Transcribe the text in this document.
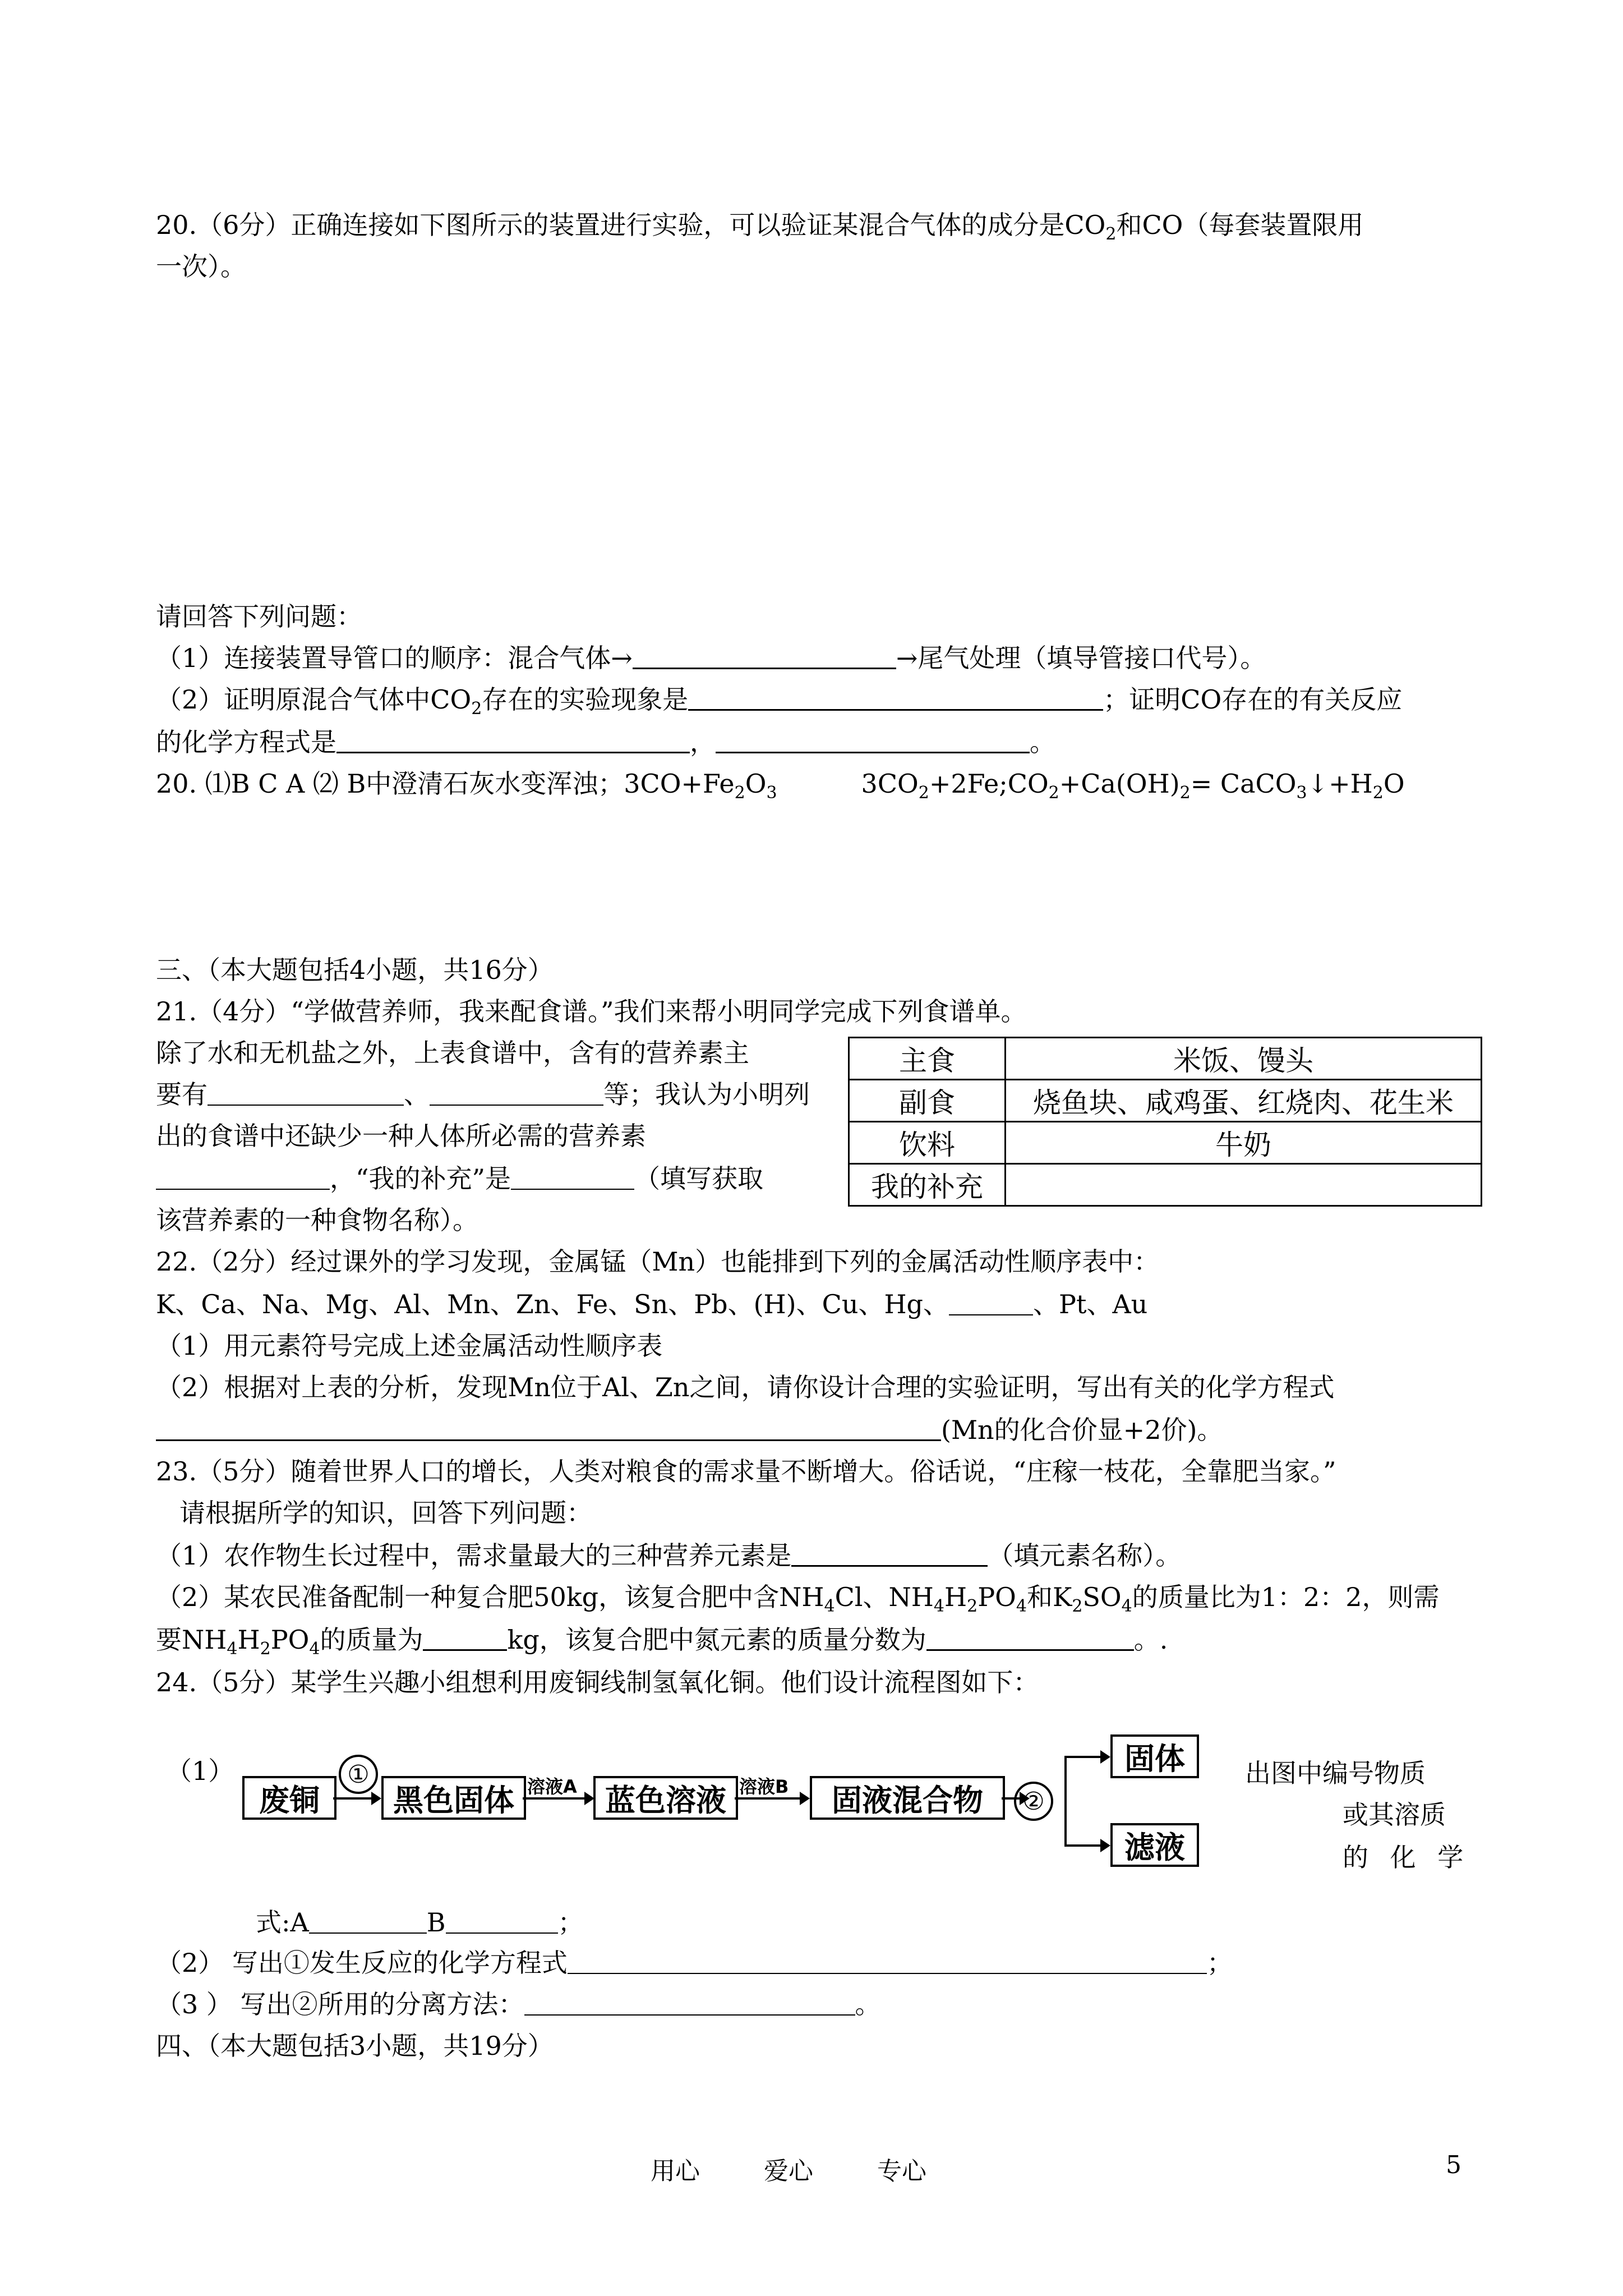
20.（6分）正确连接如下图所示的装置进行实验，可以验证某混合气体的成分是$CO_2$和CO（每套装置限用
一次）。
请回答下列问题：
（1）连接装置导管口的顺序：混合气体→	→尾气处理（填导管接口代号）。
（2）证明原混合气体中$CO_2$存在的实验现象是	；证明CO存在的有关反应
的化学方程式是	，	。
20. ⑴B C A ⑵ B中澄清石灰水变浑浊；$3CO+Fe_2O_3$	$3CO_2+2Fe;CO_2+Ca(OH)_2=$ $CaCO_3↓+H_2O$
三、（本大题包括4小题，共16分）
21.（4分）“学做营养师，我来配食谱。”我们来帮小明同学完成下列食谱单。
除了水和无机盐之外，上表食谱中，含有的营养素主
要有	、	等；我认为小明列
出的食谱中还缺少一种人体所必需的营养素
，“我的补充”是	（填写获取
该营养素的一种食物名称）。
主食	米饭、馒头
副食	烧鱼块、咸鸡蛋、红烧肉、花生米
饮料	牛奶
我的补充	
22.（2分）经过课外的学习发现，金属锰（Mn）也能排到下列的金属活动性顺序表中：
K、Ca、Na、Mg、Al、Mn、Zn、Fe、Sn、Pb、(H)、Cu、Hg、	、Pt、Au
（1）用元素符号完成上述金属活动性顺序表
（2）根据对上表的分析，发现Mn位于Al、Zn之间，请你设计合理的实验证明，写出有关的化学方程式
(Mn的化合价显+2价)。
23.（5分）随着世界人口的增长，人类对粮食的需求量不断增大。俗话说，“庄稼一枝花，全靠肥当家。”
请根据所学的知识，回答下列问题：
（1）农作物生长过程中，需求量最大的三种营养元素是	（填元素名称）。
（2）某农民准备配制一种复合肥50kg，该复合肥中含$NH_4Cl$、$NH_4H_2PO_4$和$K_2SO_4$的质量比为1：2：2，则需
要$NH_4H_2PO_4$的质量为	kg，该复合肥中氮元素的质量分数为	。.
24.（5分）某学生兴趣小组想利用废铜线制氢氧化铜。他们设计流程图如下：
（1）
废铜
①
黑色固体 溶液A 蓝色溶液 溶液B	固液混合物	②
固体
滤液
出图中编号物质
或其溶质
的 化 学
式:A	B	；
（2） 写出①发生反应的化学方程式	；
（3 ） 写出②所用的分离方法：	。
四、（本大题包括3小题，共19分）
用心	爱心	专心	5
